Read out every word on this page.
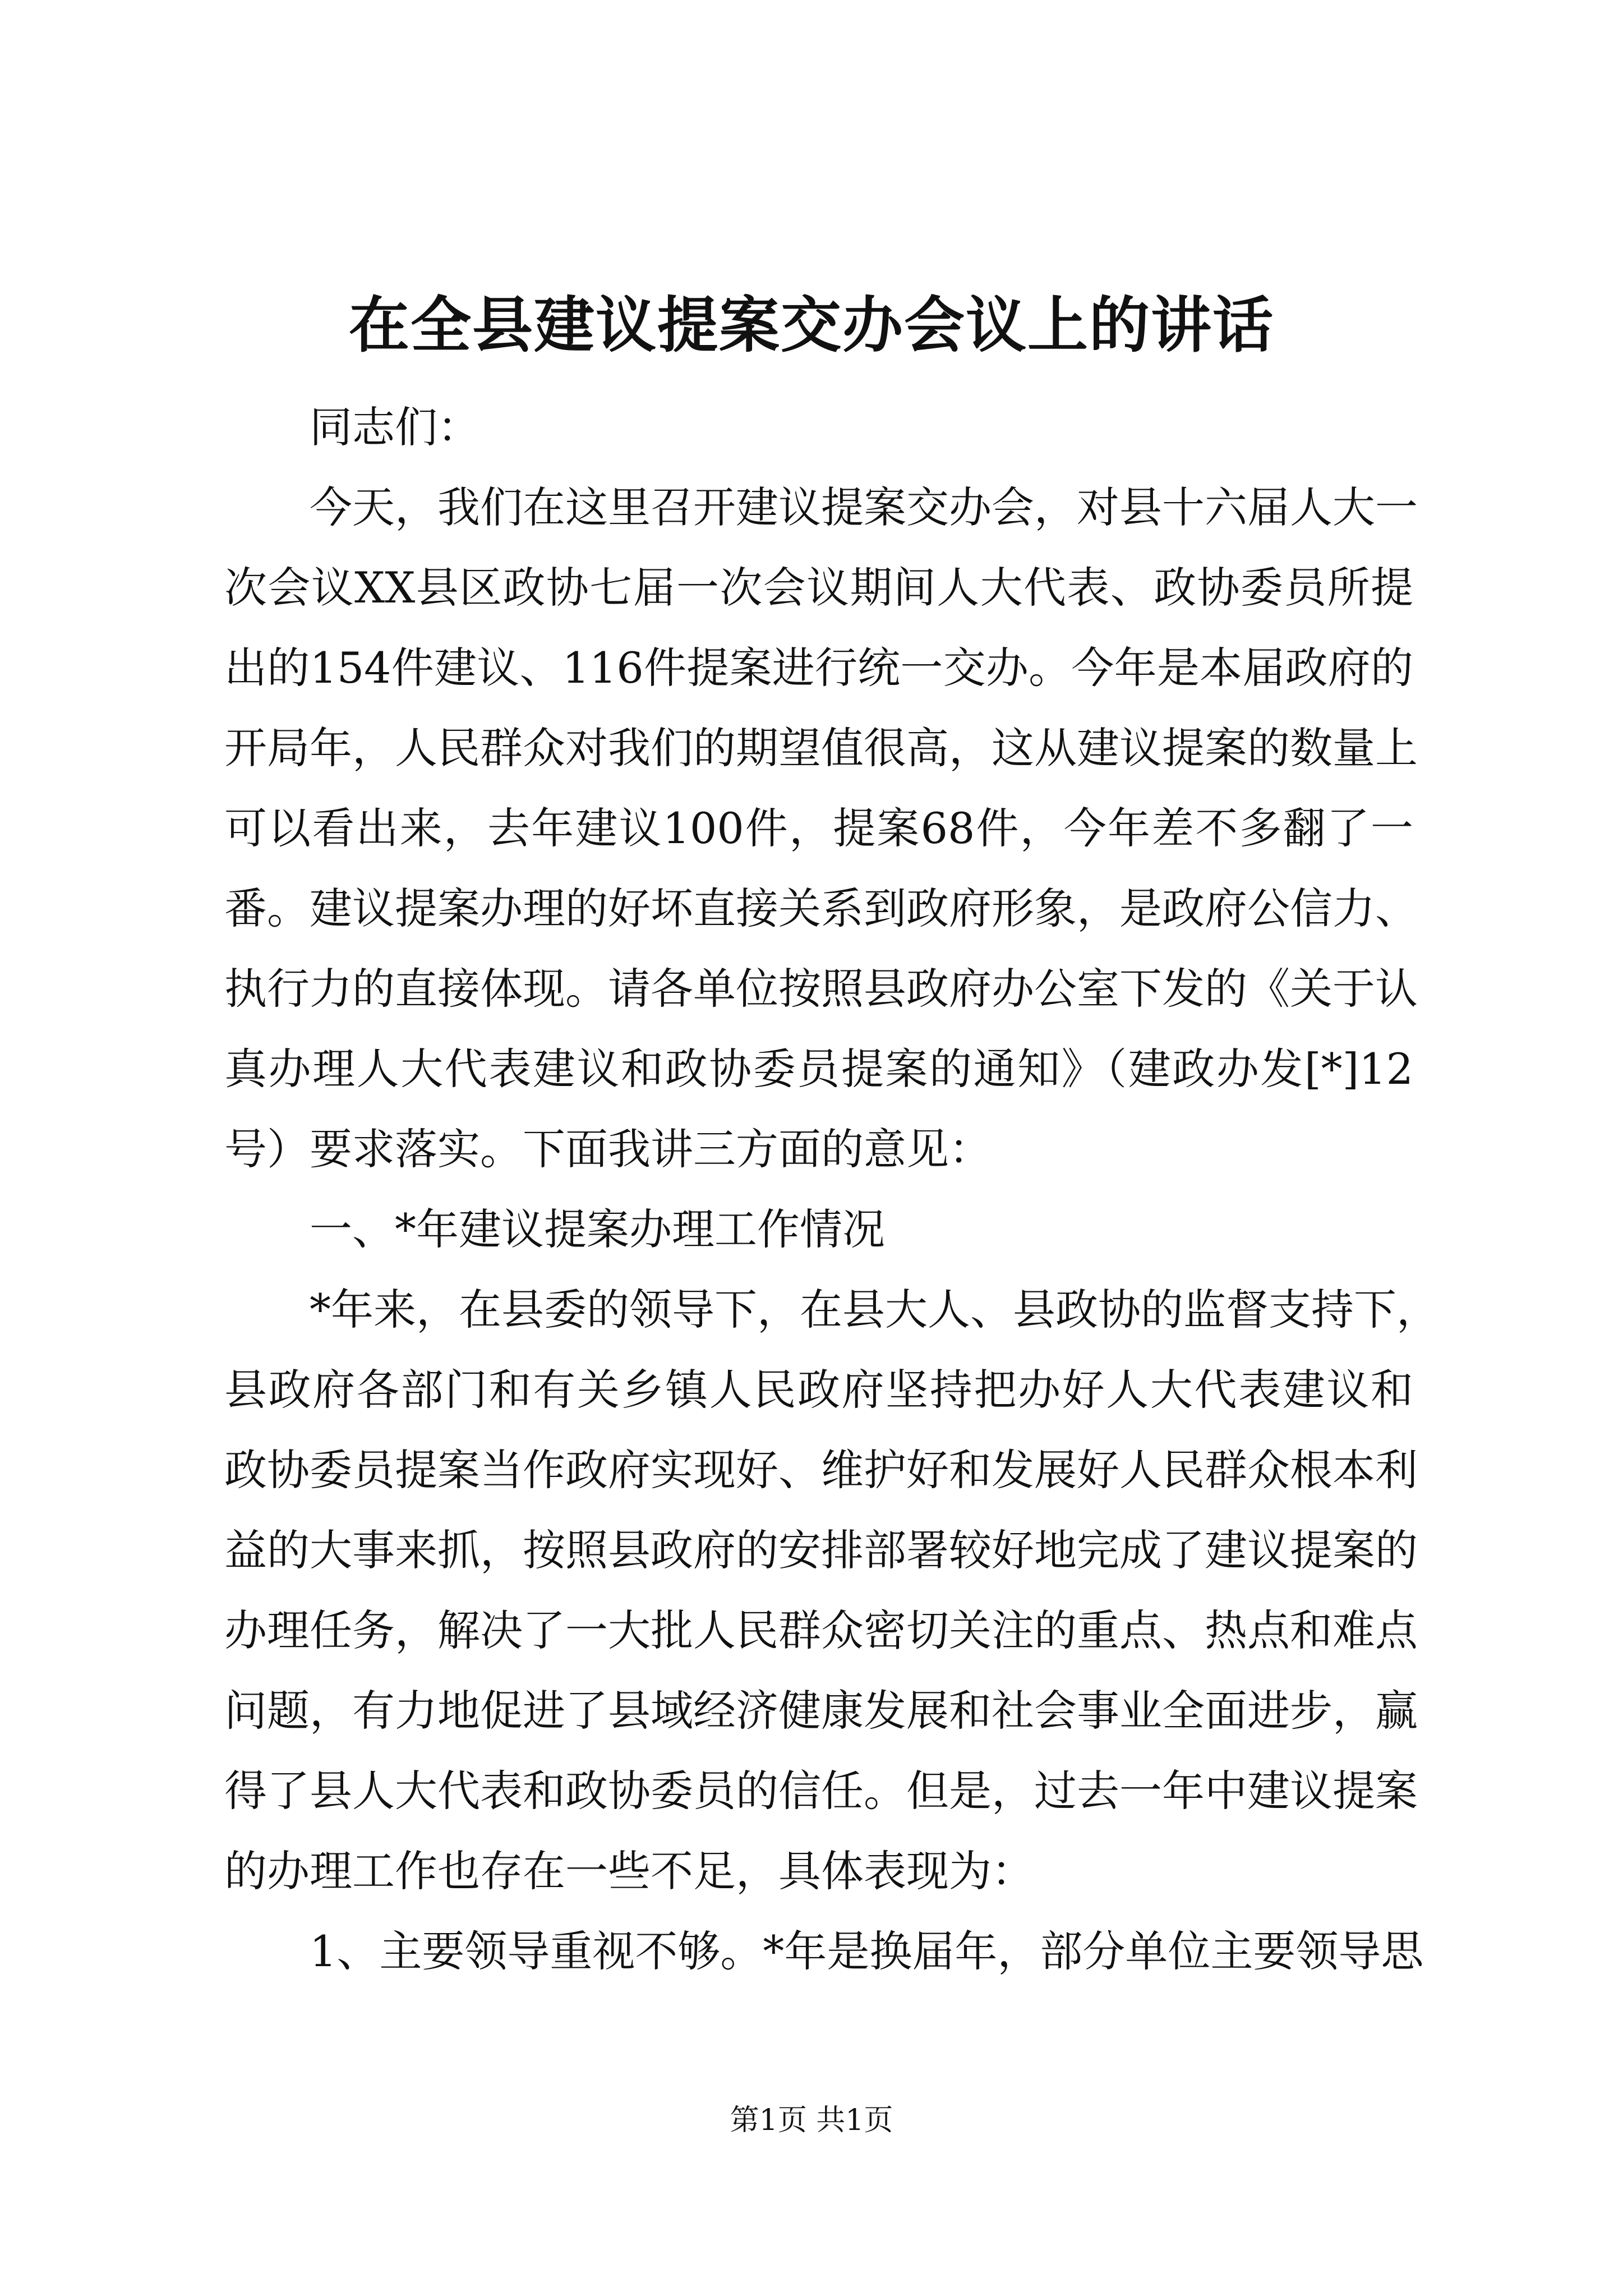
在全县建议提案交办会议上的讲话
同志们：
今天，我们在这里召开建议提案交办会，对县十六届人大一
次会议XX县区政协七届一次会议期间人大代表、政协委员所提
出的154件建议、116件提案进行统一交办。今年是本届政府的
开局年，人民群众对我们的期望值很高，这从建议提案的数量上
可以看出来，去年建议100件，提案68件，今年差不多翻了一
番。建议提案办理的好坏直接关系到政府形象，是政府公信力、
执行力的直接体现。请各单位按照县政府办公室下发的《关于认
真办理人大代表建议和政协委员提案的通知》（建政办发[*]12
号）要求落实。下面我讲三方面的意见：
一、*年建议提案办理工作情况
*年来，在县委的领导下，在县大人、县政协的监督支持下，
县政府各部门和有关乡镇人民政府坚持把办好人大代表建议和
政协委员提案当作政府实现好、维护好和发展好人民群众根本利
益的大事来抓，按照县政府的安排部署较好地完成了建议提案的
办理任务，解决了一大批人民群众密切关注的重点、热点和难点
问题，有力地促进了县域经济健康发展和社会事业全面进步，赢
得了县人大代表和政协委员的信任。但是，过去一年中建议提案
的办理工作也存在一些不足，具体表现为：
1、主要领导重视不够。*年是换届年，部分单位主要领导思
第1页 共1页
